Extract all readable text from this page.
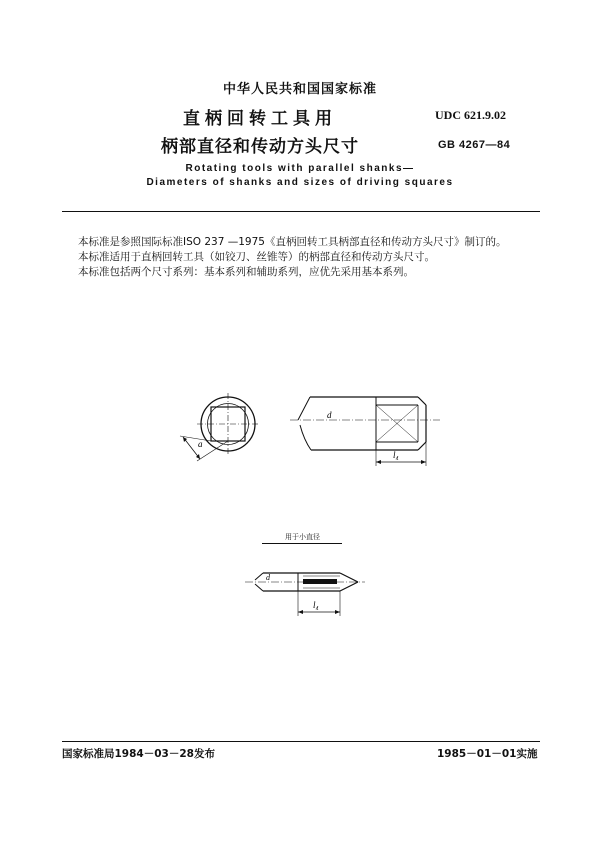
中华人民共和国国家标准
直柄回转工具用
柄部直径和传动方头尺寸
UDC 621.9.02
GB 4267—84
Rotating tools with parallel shanks—
Diameters of shanks and sizes of driving squares
本标准是参照国际标准ISO 237 —1975《直柄回转工具柄部直径和传动方头尺寸》制订的。
本标准适用于直柄回转工具（如铰刀、丝锥等）的柄部直径和传动方头尺寸。
本标准包括两个尺寸系列：基本系列和辅助系列，应优先采用基本系列。
a
d
l₄
d
l₄
用于小直径
国家标准局1984－03－28发布	1985－01－01实施
